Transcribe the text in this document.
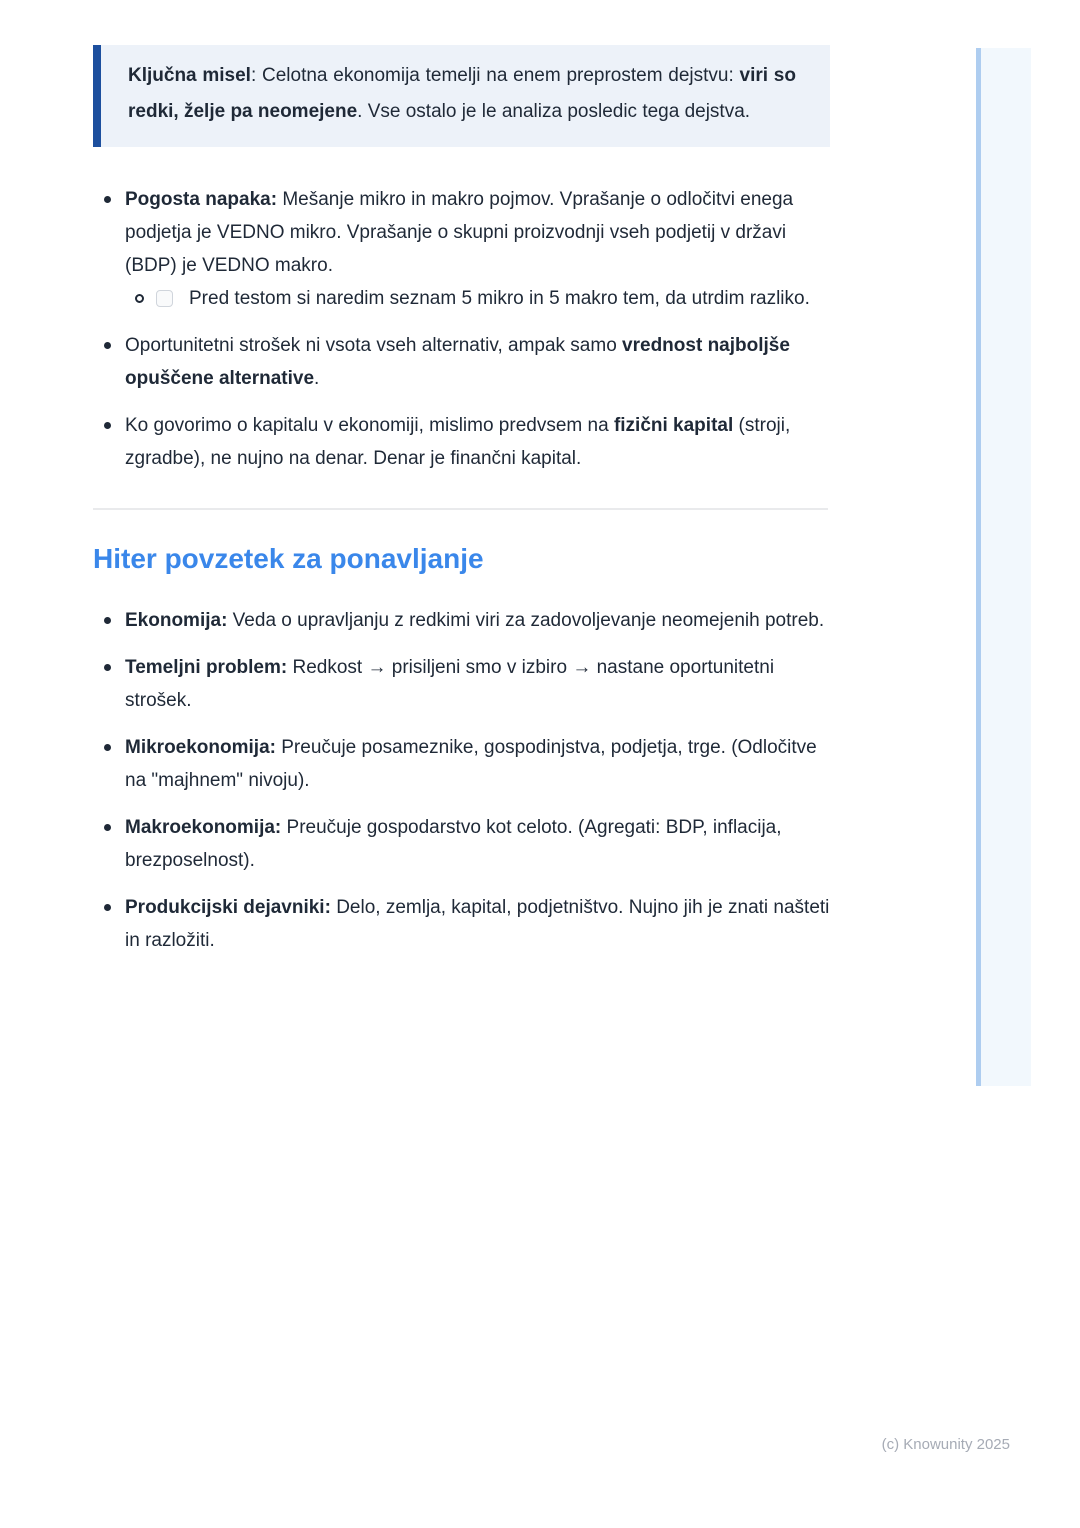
Ključna misel: Celotna ekonomija temelji na enem preprostem dejstvu: viri so redki, želje pa neomejene. Vse ostalo je le analiza posledic tega dejstva.

Pogosta napaka: Mešanje mikro in makro pojmov. Vprašanje o odločitvi enega podjetja je VEDNO mikro. Vprašanje o skupni proizvodnji vseh podjetij v državi (BDP) je VEDNO makro.

Pred testom si naredim seznam 5 mikro in 5 makro tem, da utrdim razliko.

Oportunitetni strošek ni vsota vseh alternativ, ampak samo vrednost najboljše opuščene alternative.

Ko govorimo o kapitalu v ekonomiji, mislimo predvsem na fizični kapital (stroji, zgradbe), ne nujno na denar. Denar je finančni kapital.

Hiter povzetek za ponavljanje

Ekonomija: Veda o upravljanju z redkimi viri za zadovoljevanje neomejenih potreb.

Temeljni problem: Redkost → prisiljeni smo v izbiro → nastane oportunitetni strošek.

Mikroekonomija: Preučuje posameznike, gospodinjstva, podjetja, trge. (Odločitve na "majhnem" nivoju).

Makroekonomija: Preučuje gospodarstvo kot celoto. (Agregati: BDP, inflacija, brezposelnost).

Produkcijski dejavniki: Delo, zemlja, kapital, podjetništvo. Nujno jih je znati našteti in razložiti.

(c) Knowunity 2025
